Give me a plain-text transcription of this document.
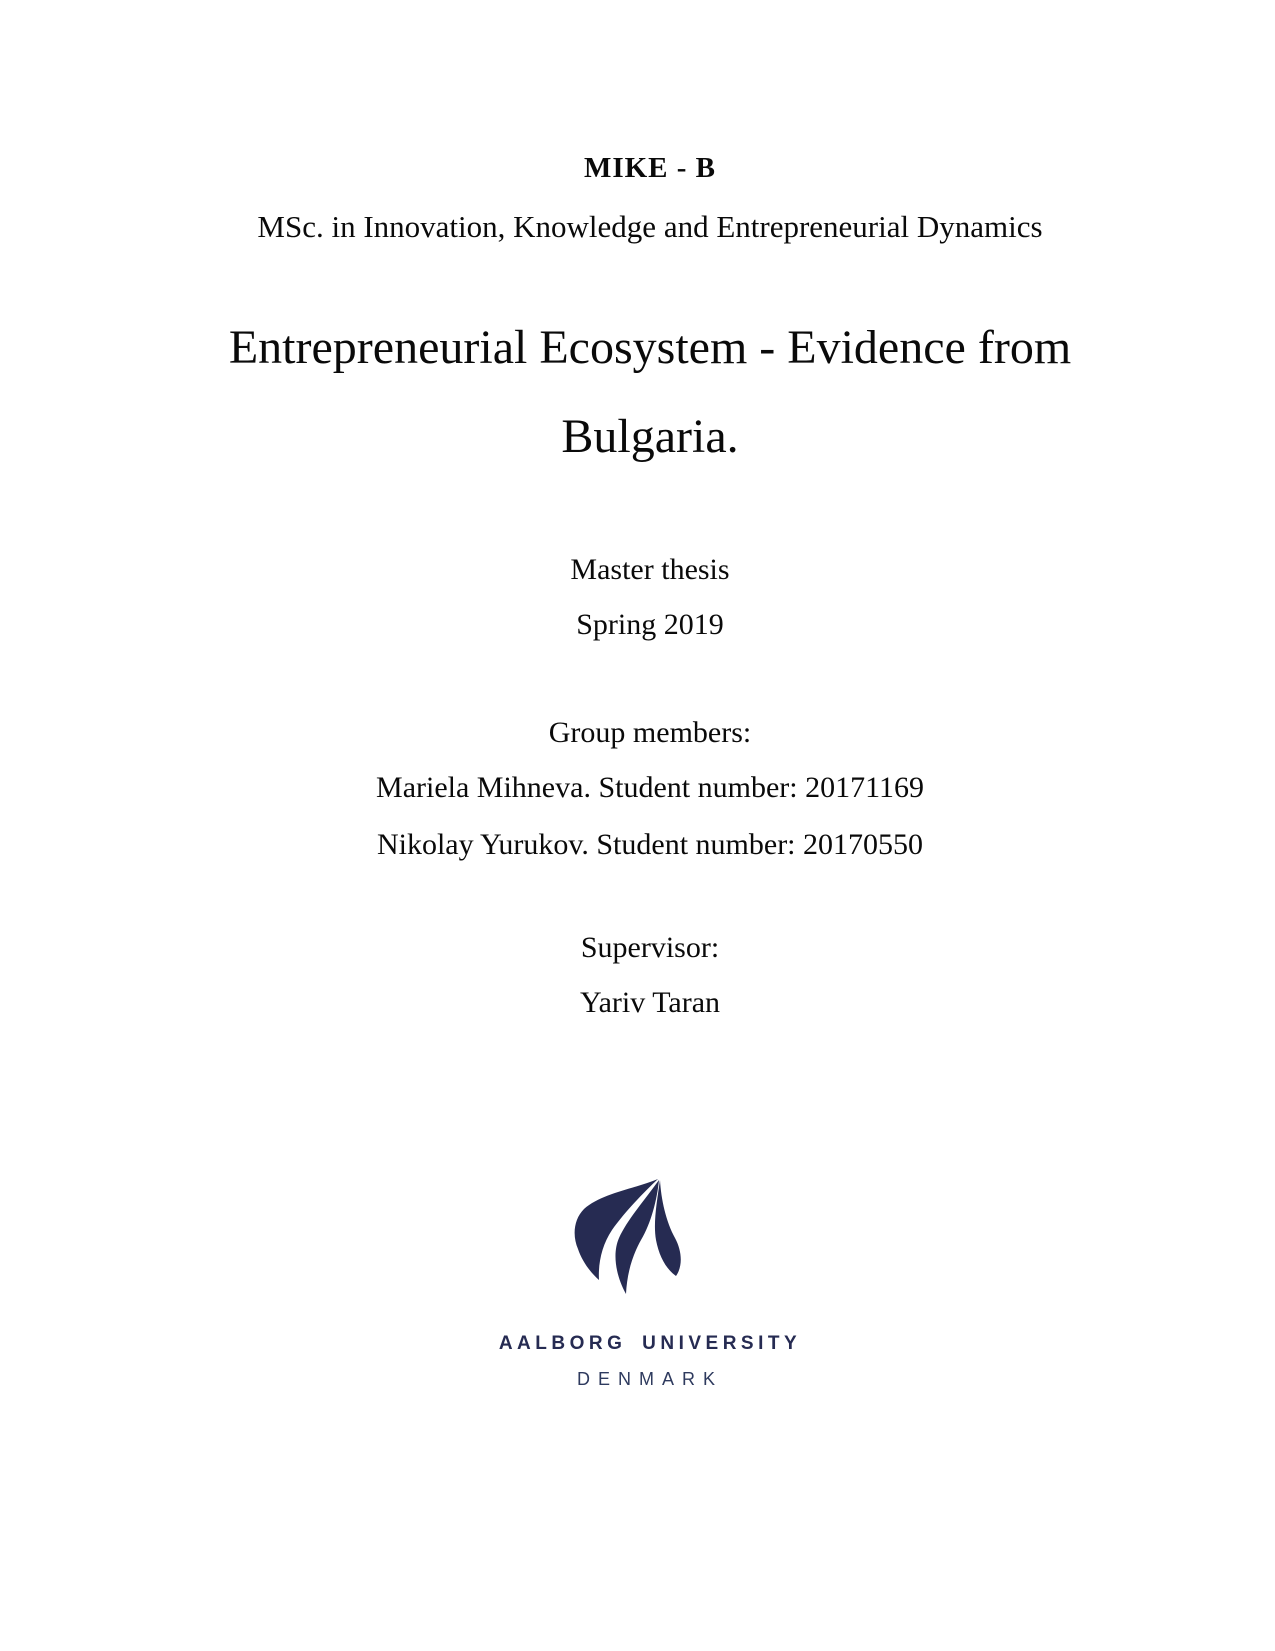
MIKE - B
MSc. in Innovation, Knowledge and Entrepreneurial Dynamics
Entrepreneurial Ecosystem - Evidence from
Bulgaria.
Master thesis
Spring 2019
Group members:
Mariela Mihneva. Student number: 20171169
Nikolay Yurukov. Student number: 20170550
Supervisor:
Yariv Taran
AALBORG UNIVERSITY
DENMARK
